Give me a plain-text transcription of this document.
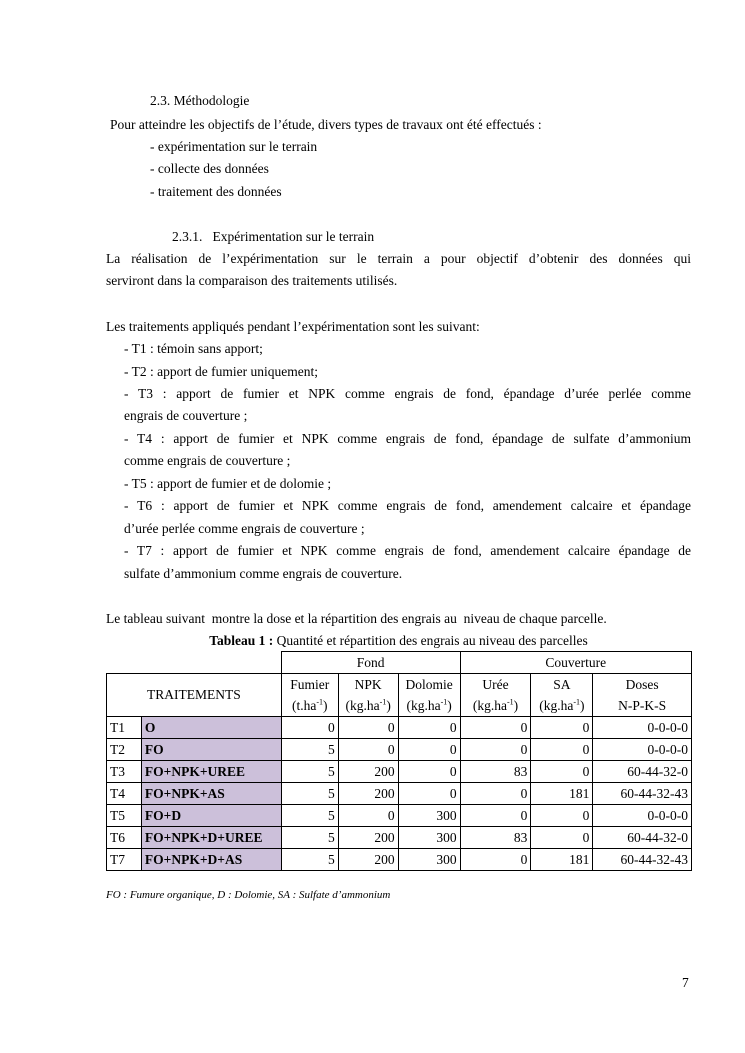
2.3. Méthodologie
Pour atteindre les objectifs de l’étude, divers types de travaux ont été effectués :
- expérimentation sur le terrain
- collecte des données
- traitement des données
2.3.1.   Expérimentation sur le terrain
La réalisation de l’expérimentation sur le terrain a pour objectif d’obtenir des données qui
serviront dans la comparaison des traitements utilisés.
Les traitements appliqués pendant l’expérimentation sont les suivant:
- T1 : témoin sans apport;
- T2 : apport de fumier uniquement;
- T3 : apport de fumier et NPK comme engrais de fond, épandage d’urée perlée comme
engrais de couverture ;
- T4 : apport de fumier et NPK comme engrais de fond, épandage de sulfate d’ammonium
comme engrais de couverture ;
- T5 : apport de fumier et de dolomie ;
- T6 : apport de fumier et NPK comme engrais de fond, amendement calcaire et épandage
d’urée perlée comme engrais de couverture ;
- T7 : apport de fumier et NPK comme engrais de fond, amendement calcaire épandage de
sulfate d’ammonium comme engrais de couverture.
Le tableau suivant  montre la dose et la répartition des engrais au  niveau de chaque parcelle.
Tableau 1 : Quantité et répartition des engrais au niveau des parcelles
		Fond			Couverture		
TRAITEMENTS		Fumier	NPK	Dolomie	Urée	SA	Doses
		$(t.ha^{-1})$	$(kg.ha^{-1})$	$(kg.ha^{-1})$	$(kg.ha^{-1})$	$(kg.ha^{-1})$	N-P-K-S
T1	O	0	0	0	0	0	0-0-0-0
T2	FO	5	0	0	0	0	0-0-0-0
T3	FO+NPK+UREE	5	200	0	83	0	60-44-32-0
T4	FO+NPK+AS	5	200	0	0	181	60-44-32-43
T5	FO+D	5	0	300	0	0	0-0-0-0
T6	FO+NPK+D+UREE	5	200	300	83	0	60-44-32-0
T7	FO+NPK+D+AS	5	200	300	0	181	60-44-32-43
FO : Fumure organique, D : Dolomie, SA : Sulfate d’ammonium
7
